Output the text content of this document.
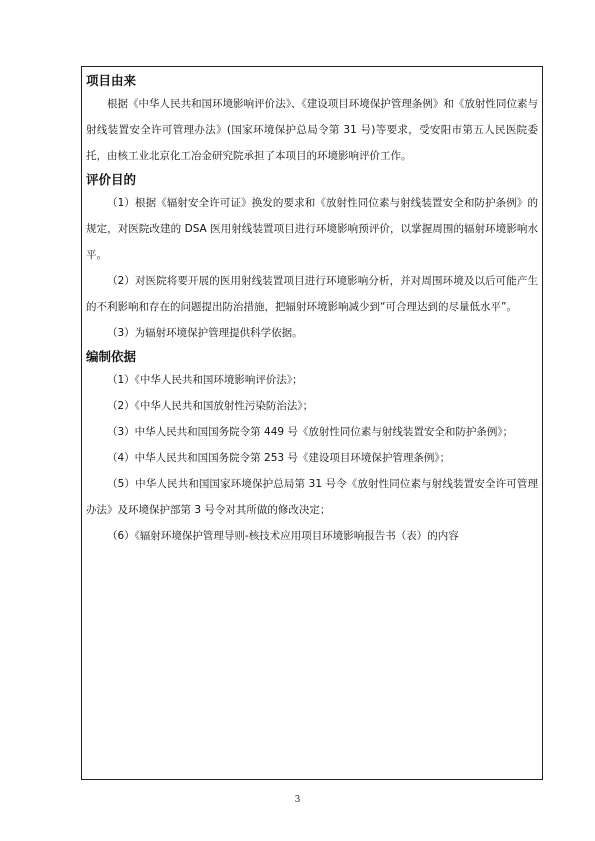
项目由来

根据《中华人民共和国环境影响评价法》、《建设项目环境保护管理条例》和《放射性同位素与射线装置安全许可管理办法》(国家环境保护总局令第 31 号)等要求，受安阳市第五人民医院委托，由核工业北京化工冶金研究院承担了本项目的环境影响评价工作。

评价目的

（1）根据《辐射安全许可证》换发的要求和《放射性同位素与射线装置安全和防护条例》的规定，对医院改建的 DSA 医用射线装置项目进行环境影响预评价，以掌握周围的辐射环境影响水平。

（2）对医院将要开展的医用射线装置项目进行环境影响分析，并对周围环境及以后可能产生的不利影响和存在的问题提出防治措施，把辐射环境影响减少到“可合理达到的尽量低水平”。

（3）为辐射环境保护管理提供科学依据。

编制依据

（1）《中华人民共和国环境影响评价法》；

（2）《中华人民共和国放射性污染防治法》；

（3）中华人民共和国国务院令第 449 号《放射性同位素与射线装置安全和防护条例》；

（4）中华人民共和国国务院令第 253 号《建设项目环境保护管理条例》；

（5）中华人民共和国国家环境保护总局第 31 号令《放射性同位素与射线装置安全许可管理办法》及环境保护部第 3 号令对其所做的修改决定；

（6）《辐射环境保护管理导则-核技术应用项目环境影响报告书（表）的内容

3
